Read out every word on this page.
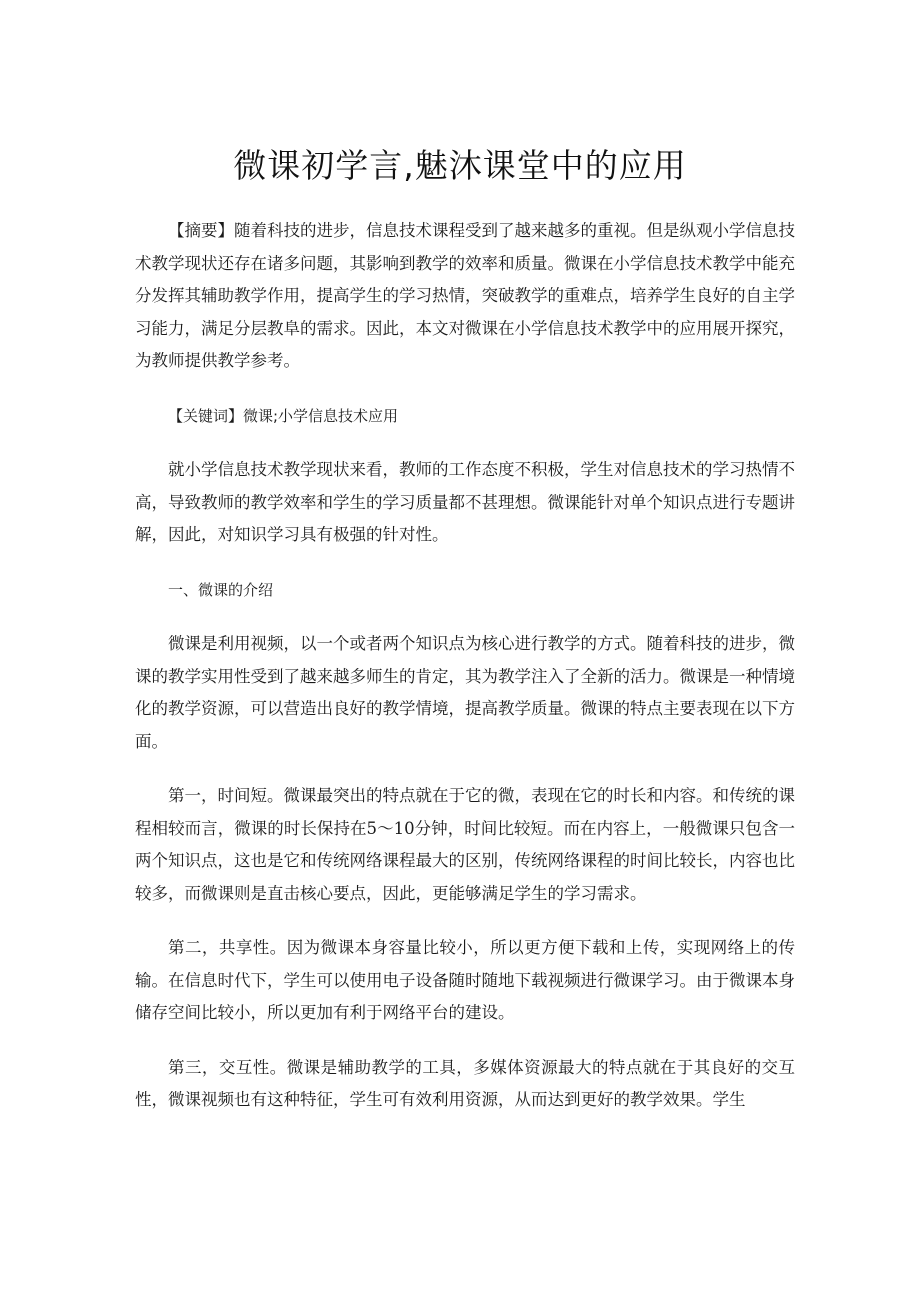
微课初学言,魅沐课堂中的应用

【摘要】随着科技的进步，信息技术课程受到了越来越多的重视。但是纵观小学信息技术教学现状还存在诸多问题，其影响到教学的效率和质量。微课在小学信息技术教学中能充分发挥其辅助教学作用，提高学生的学习热情，突破教学的重难点，培养学生良好的自主学习能力，满足分层教阜的需求。因此，本文对微课在小学信息技术教学中的应用展开探究，为教师提供教学参考。

【关键词】微课;小学信息技术应用

就小学信息技术教学现状来看，教师的工作态度不积极，学生对信息技术的学习热情不高，导致教师的教学效率和学生的学习质量都不甚理想。微课能针对单个知识点进行专题讲解，因此，对知识学习具有极强的针对性。

一、微课的介绍

微课是利用视频，以一个或者两个知识点为核心进行教学的方式。随着科技的进步，微课的教学实用性受到了越来越多师生的肯定，其为教学注入了全新的活力。微课是一种情境化的教学资源，可以营造出良好的教学情境，提高教学质量。微课的特点主要表现在以下方面。

第一，时间短。微课最突出的特点就在于它的微，表现在它的时长和内容。和传统的课程相较而言，微课的时长保持在5〜10分钟，时间比较短。而在内容上，一般微课只包含一两个知识点，这也是它和传统网络课程最大的区别，传统网络课程的时间比较长，内容也比较多，而微课则是直击核心要点，因此，更能够满足学生的学习需求。

第二，共享性。因为微课本身容量比较小，所以更方便下载和上传，实现网络上的传输。在信息时代下，学生可以使用电子设备随时随地下载视频进行微课学习。由于微课本身储存空间比较小，所以更加有利于网络平台的建设。

第三，交互性。微课是辅助教学的工具，多媒体资源最大的特点就在于其良好的交互性，微课视频也有这种特征，学生可有效利用资源，从而达到更好的教学效果。学生
